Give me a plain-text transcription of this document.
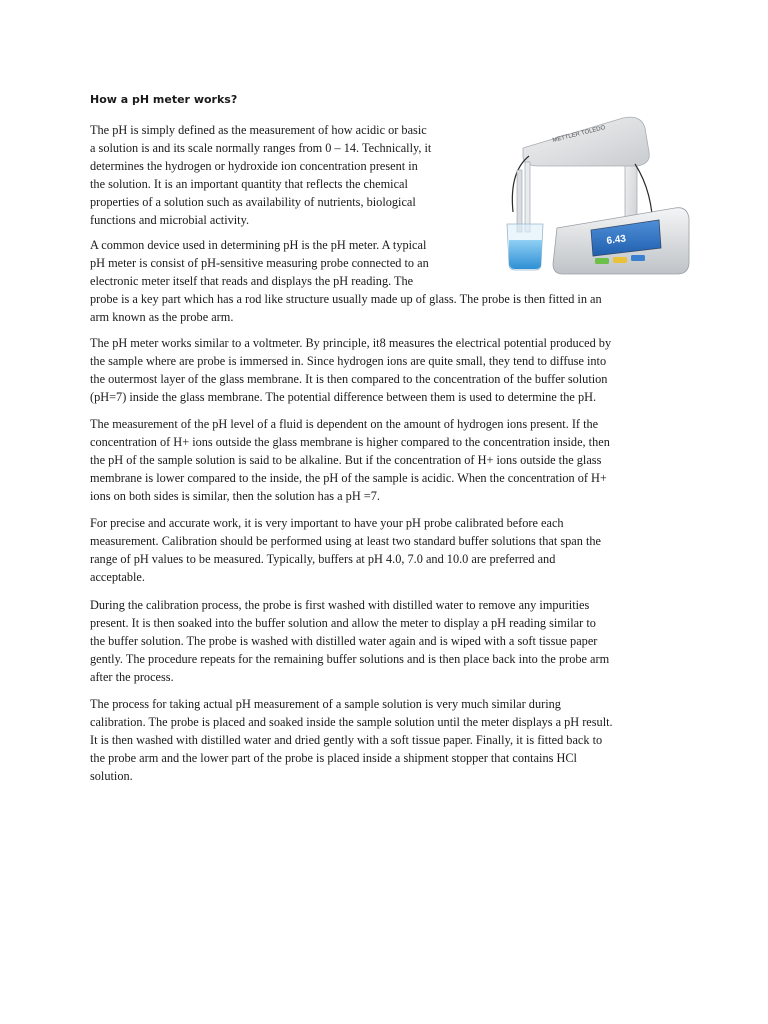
How a pH meter works?

The pH is simply defined as the measurement of how acidic or basic
a solution is and its scale normally ranges from 0 – 14. Technically, it
determines the hydrogen or hydroxide ion concentration present in
the solution. It is an important quantity that reflects the chemical
properties of a solution such as availability of nutrients, biological
functions and microbial activity.

A common device used in determining pH is the pH meter. A typical
pH meter is consist of pH-sensitive measuring probe connected to an
electronic meter itself that reads and displays the pH reading. The
probe is a key part which has a rod like structure usually made up of glass. The probe is then fitted in an
arm known as the probe arm.

The pH meter works similar to a voltmeter. By principle, it8 measures the electrical potential produced by
the sample where are probe is immersed in. Since hydrogen ions are quite small, they tend to diffuse into
the outermost layer of the glass membrane. It is then compared to the concentration of the buffer solution
(pH=7) inside the glass membrane. The potential difference between them is used to determine the pH.

The measurement of the pH level of a fluid is dependent on the amount of hydrogen ions present. If the
concentration of H+ ions outside the glass membrane is higher compared to the concentration inside, then
the pH of the sample solution is said to be alkaline. But if the concentration of H+ ions outside the glass
membrane is lower compared to the inside, the pH of the sample is acidic. When the concentration of H+
ions on both sides is similar, then the solution has a pH =7.

For precise and accurate work, it is very important to have your pH probe calibrated before each
measurement. Calibration should be performed using at least two standard buffer solutions that span the
range of pH values to be measured. Typically, buffers at pH 4.0, 7.0 and 10.0 are preferred and
acceptable.

During the calibration process, the probe is first washed with distilled water to remove any impurities
present. It is then soaked into the buffer solution and allow the meter to display a pH reading similar to
the buffer solution. The probe is washed with distilled water again and is wiped with a soft tissue paper
gently. The procedure repeats for the remaining buffer solutions and is then place back into the probe arm
after the process.

The process for taking actual pH measurement of a sample solution is very much similar during
calibration. The probe is placed and soaked inside the sample solution until the meter displays a pH result.
It is then washed with distilled water and dried gently with a soft tissue paper. Finally, it is fitted back to
the probe arm and the lower part of the probe is placed inside a shipment stopper that contains HCl
solution.

METTLER TOLEDO
6.43
